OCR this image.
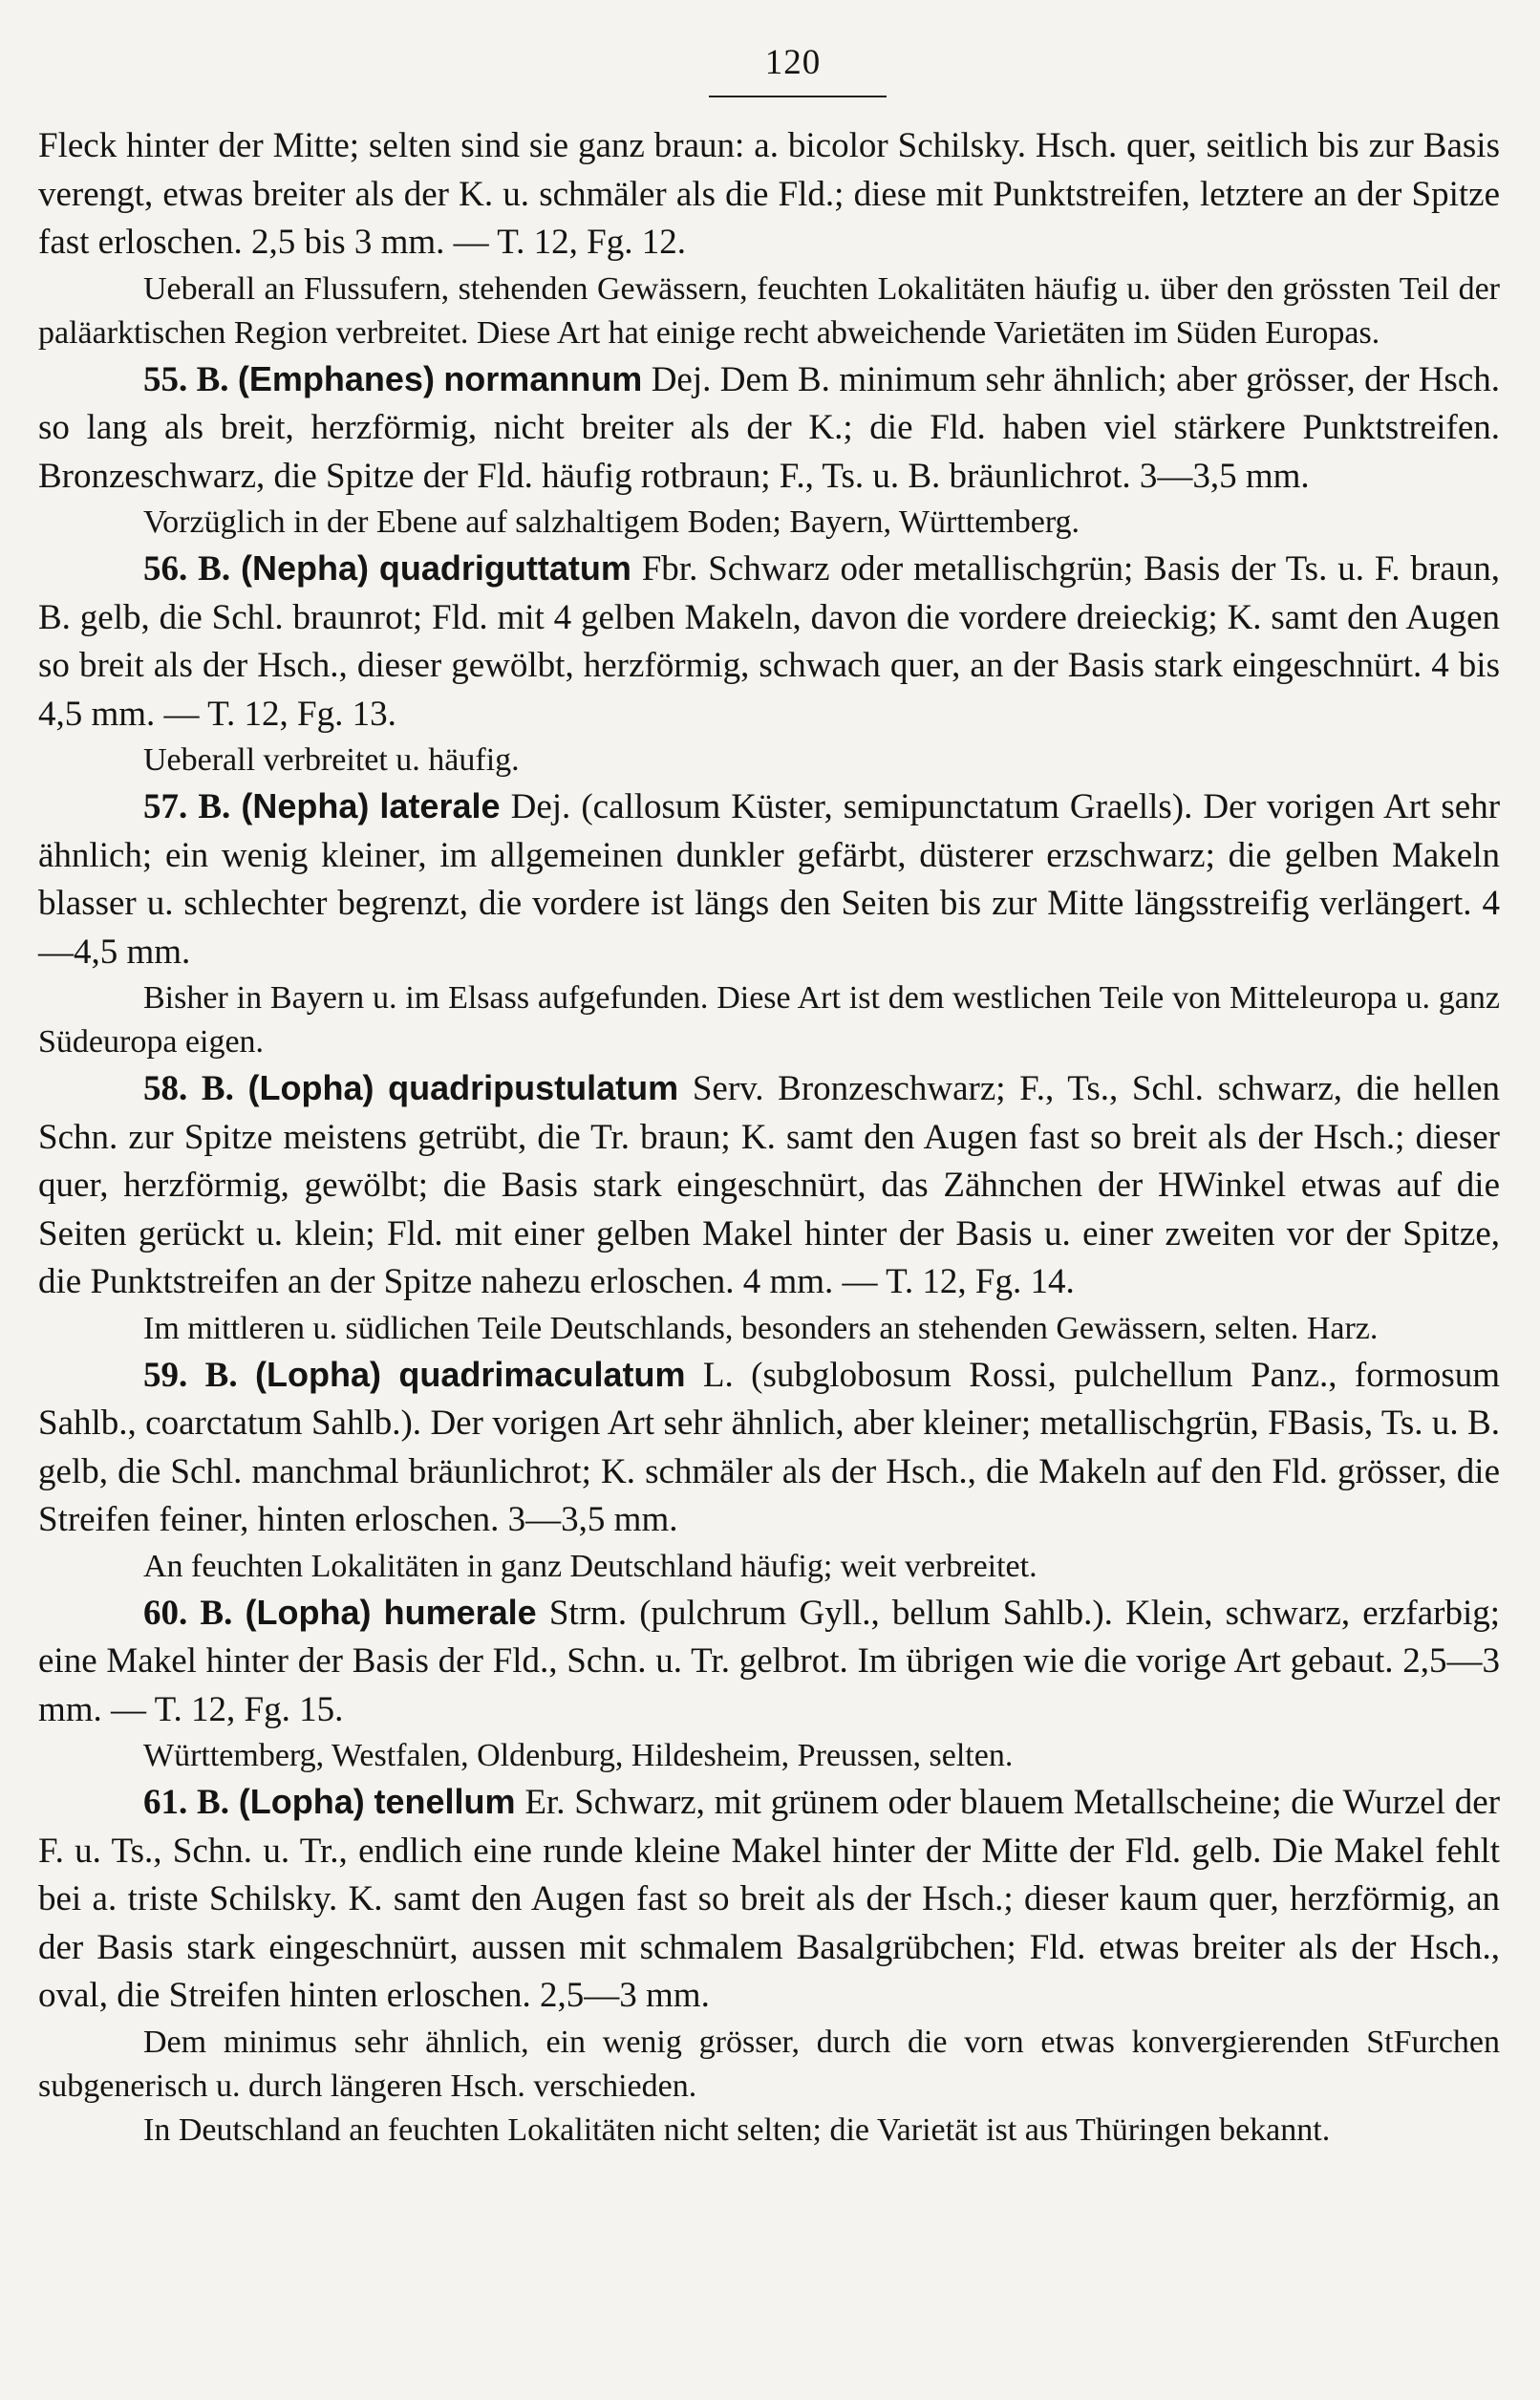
120

Fleck hinter der Mitte; selten sind sie ganz braun: a. bicolor Schilsky. Hsch. quer, seitlich bis zur Basis verengt, etwas breiter als der K. u. schmäler als die Fld.; diese mit Punktstreifen, letztere an der Spitze fast erloschen. 2,5 bis 3 mm. — T. 12, Fg. 12.

Ueberall an Flussufern, stehenden Gewässern, feuchten Lokalitäten häufig u. über den grössten Teil der paläarktischen Region verbreitet. Diese Art hat einige recht abweichende Varietäten im Süden Europas.

55. B. (Emphanes) normannum Dej. Dem B. minimum sehr ähnlich; aber grösser, der Hsch. so lang als breit, herzförmig, nicht breiter als der K.; die Fld. haben viel stärkere Punktstreifen. Bronzeschwarz, die Spitze der Fld. häufig rotbraun; F., Ts. u. B. bräunlichrot. 3—3,5 mm.

Vorzüglich in der Ebene auf salzhaltigem Boden; Bayern, Württemberg.

56. B. (Nepha) quadriguttatum Fbr. Schwarz oder metallischgrün; Basis der Ts. u. F. braun, B. gelb, die Schl. braunrot; Fld. mit 4 gelben Makeln, davon die vordere dreieckig; K. samt den Augen so breit als der Hsch., dieser gewölbt, herzförmig, schwach quer, an der Basis stark eingeschnürt. 4 bis 4,5 mm. — T. 12, Fg. 13.

Ueberall verbreitet u. häufig.

57. B. (Nepha) laterale Dej. (callosum Küster, semipunctatum Graells). Der vorigen Art sehr ähnlich; ein wenig kleiner, im allgemeinen dunkler gefärbt, düsterer erzschwarz; die gelben Makeln blasser u. schlechter begrenzt, die vordere ist längs den Seiten bis zur Mitte längsstreifig verlängert. 4—4,5 mm.

Bisher in Bayern u. im Elsass aufgefunden. Diese Art ist dem westlichen Teile von Mitteleuropa u. ganz Südeuropa eigen.

58. B. (Lopha) quadripustulatum Serv. Bronzeschwarz; F., Ts., Schl. schwarz, die hellen Schn. zur Spitze meistens getrübt, die Tr. braun; K. samt den Augen fast so breit als der Hsch.; dieser quer, herzförmig, gewölbt; die Basis stark eingeschnürt, das Zähnchen der HWinkel etwas auf die Seiten gerückt u. klein; Fld. mit einer gelben Makel hinter der Basis u. einer zweiten vor der Spitze, die Punktstreifen an der Spitze nahezu erloschen. 4 mm. — T. 12, Fg. 14.

Im mittleren u. südlichen Teile Deutschlands, besonders an stehenden Gewässern, selten. Harz.

59. B. (Lopha) quadrimaculatum L. (subglobosum Rossi, pulchellum Panz., formosum Sahlb., coarctatum Sahlb.). Der vorigen Art sehr ähnlich, aber kleiner; metallischgrün, FBasis, Ts. u. B. gelb, die Schl. manchmal bräunlichrot; K. schmäler als der Hsch., die Makeln auf den Fld. grösser, die Streifen feiner, hinten erloschen. 3—3,5 mm.

An feuchten Lokalitäten in ganz Deutschland häufig; weit verbreitet.

60. B. (Lopha) humerale Strm. (pulchrum Gyll., bellum Sahlb.). Klein, schwarz, erzfarbig; eine Makel hinter der Basis der Fld., Schn. u. Tr. gelbrot. Im übrigen wie die vorige Art gebaut. 2,5—3 mm. — T. 12, Fg. 15.

Württemberg, Westfalen, Oldenburg, Hildesheim, Preussen, selten.

61. B. (Lopha) tenellum Er. Schwarz, mit grünem oder blauem Metallscheine; die Wurzel der F. u. Ts., Schn. u. Tr., endlich eine runde kleine Makel hinter der Mitte der Fld. gelb. Die Makel fehlt bei a. triste Schilsky. K. samt den Augen fast so breit als der Hsch.; dieser kaum quer, herzförmig, an der Basis stark eingeschnürt, aussen mit schmalem Basalgrübchen; Fld. etwas breiter als der Hsch., oval, die Streifen hinten erloschen. 2,5—3 mm.

Dem minimus sehr ähnlich, ein wenig grösser, durch die vorn etwas konvergierenden StFurchen subgenerisch u. durch längeren Hsch. verschieden.

In Deutschland an feuchten Lokalitäten nicht selten; die Varietät ist aus Thüringen bekannt.
